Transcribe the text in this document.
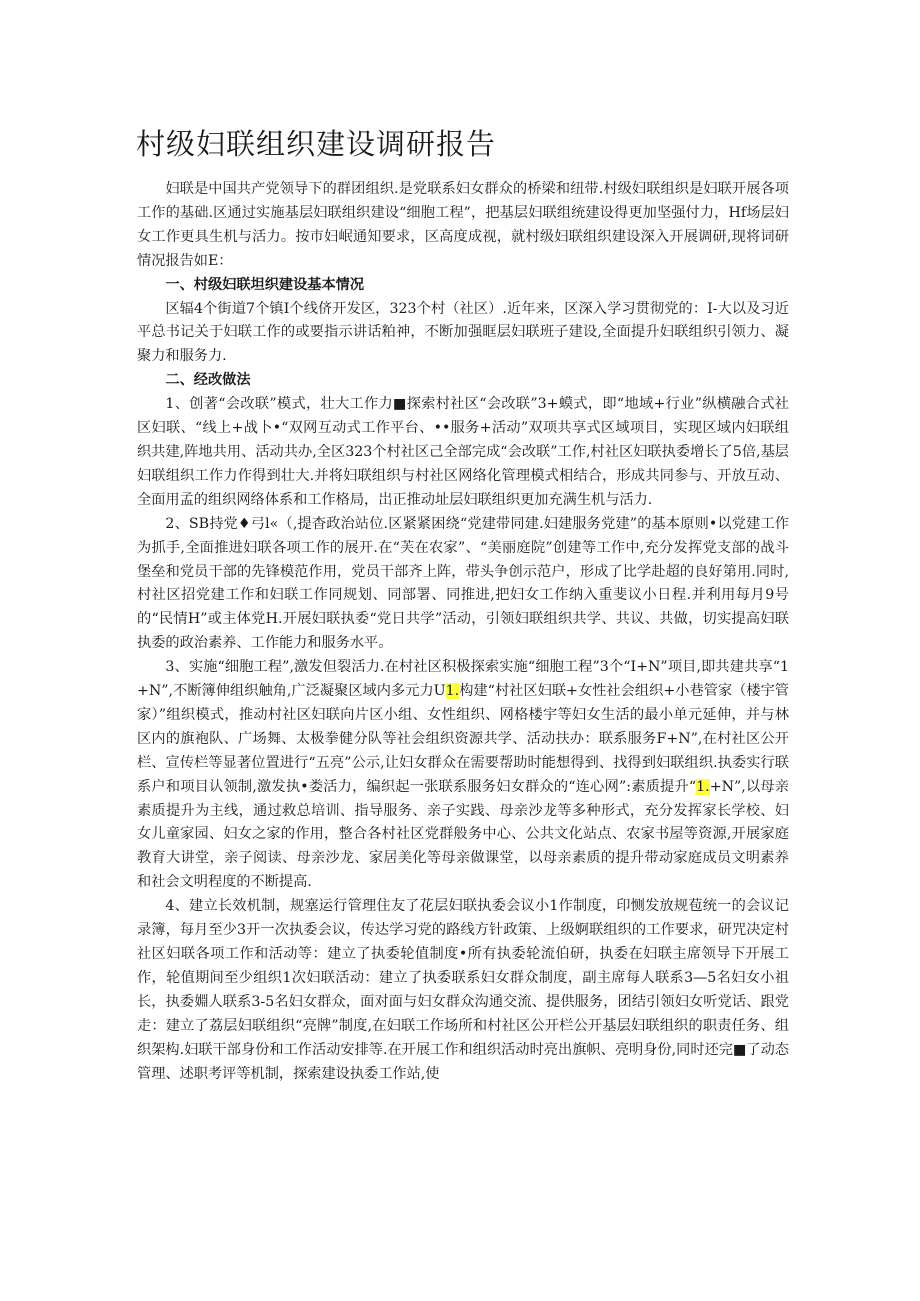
村级妇联组织建设调研报告

妇联是中国共产党领导下的群团组织.是党联系妇女群众的桥梁和纽带.村级妇联组织是妇联开展各项工作的基础.区通过实施基层妇联组织建设“细胞工程”，把基层妇联组统建设得更加坚强付力，Hf场层妇女工作更具生机与活力。按市妇岷通知要求，区高度成视，就村级妇联组织建设深入开展调研,现将词研情况报告如E：

一、村级妇联坦织建设基本情况

区辐4个街道7个镇I个线侪开发区，323个村（社区）.近年来，区深入学习贯彻党的：I-大以及习近平总书记关于妇联工作的或要指示讲话粕神，不断加强眶层妇联班子建设,全面提升妇联组织引领力、凝聚力和服务力.

二、经改做法

1、创著“会改联”模式，壮大工作力■探索村社区“会改联”3+蟆式，即“地域+行业”纵横融合式社区妇联、“线上+战卜•“双网互动式工作平台、••服务+活动”双项共享式区域项目，实现区域内妇联组织共建,阵地共用、活动共办,全区323个村社区己全部完成“会改联”工作,村社区妇联执委增长了5倍,基层妇联组织工作力作得到壮大.并将妇联组织与村社区网络化管理模式相结合，形成共同参与、开放互动、全面用孟的组织网络体系和工作格局，岀正推动址层妇联组织更加充满生机与活力.

2、SB持党♦弓l«（,提杳政治站位.区紧紧困绕“党建带同建.妇建服务党建”的基本原则•以党建工作为抓手,全面推进妇联各项工作的展开.在“芙在农家”、“美丽庭院”创建等工作中,充分发挥党支部的战斗堡垒和党员干部的先锋模范作用，党员干部齐上阵，带头争创示范户，形成了比学赴超的良好第用.同时,村社区招党建工作和妇联工作同规划、同部署、同推进,把妇女工作纳入重斐议小日程.并利用每月9号的“民情H”或主体党H.开展妇联执委“党日共学”活动，引领妇联组织共学、共议、共做，切实提高妇联执委的政治素养、工作能力和服务水平。

3、实施“细胞工程”,激发但裂活力.在村社区积极探索实施“细胞工程”3个“I+N”项目,即共建共享“1+N”,不断簿伸组织触角,广泛凝聚区域内多元力U1.构建“村社区妇联+女性社会组织+小巷管家（楼宇管家）”组织模式，推动村社区妇联向片区小组、女性组织、网格楼宇等妇女生活的最小单元延伸，并与林区内的旗袍队、广场舞、太极拳健分队等社会组织资源共学、活动扶办：联系服务F+N”,在村社区公开栏、宣传栏等显著位置进行“五亮”公示,让妇女群众在需要帮助时能想得到、找得到妇联组织.执委实行联系户和项目认领制,激发执•娄活力，编织起一张联系服务妇女群众的“连心网”:素质提升“1.+N”,以母亲素质提升为主线，通过救总培训、指导服务、亲子实践、母亲沙龙等多种形式，充分发挥家长学校、妇女儿童家园、妇女之家的作用，整合各村社区党群般务中心、公共文化站点、农家书屋等资源,开展家庭教育大讲堂，亲子阅读、母亲沙龙、家居美化等母亲做课堂，以母亲素质的提升带动家庭成员文明素养和社会文明程度的不断提高.

4、建立长效机制，规塞运行管理住友了花层妇联执委会议小1作制度，印恻发放规苞统一的会议记录簿，每月至少3开一次执委会议，传达学习党的路线方针政策、上级婀联组织的工作要求，研咒决定村社区妇联各项工作和活动等：建立了执委轮值制度•所有执委轮流伯研，执委在妇联主席领导下开展工作，轮值期间至少组织1次妇联活动：建立了执委联系妇女群众制度，副主席每人联系3—5名妇女小祖长，执委婣人联系3-5名妇女群众，面对面与妇女群众沟通交流、提供服务，团结引领妇女听党话、跟党走：建立了荔层妇联组织“亮牌”制度,在妇联工作场所和村社区公开栏公开基层妇联组织的职责任务、组织架构.妇联干部身份和工作活动安排等.在开展工作和组织活动时亮出旗帜、亮明身份,同时还完■了动态管理、述职考评等机制，探索建设执委工作站,使
